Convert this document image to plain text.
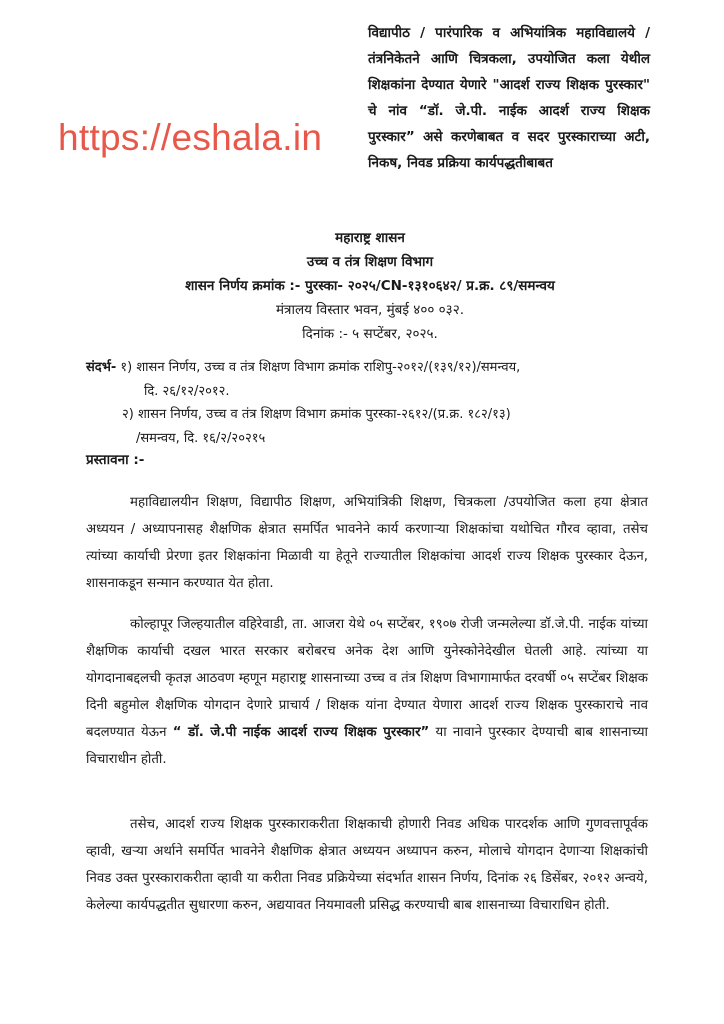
https://eshala.in
विद्यापीठ / पारंपारिक व अभियांत्रिक महाविद्यालये /तंत्रनिकेतने आणि चित्रकला, उपयोजित कला येथील शिक्षकांना देण्यात येणारे "आदर्श राज्य शिक्षक पुरस्कार" चे नांव “डॉ. जे.पी. नाईक आदर्श राज्य शिक्षक पुरस्कार” असे करणेबाबत व सदर पुरस्काराच्या अटी, निकष, निवड प्रक्रिया कार्यपद्धतीबाबत
महाराष्ट्र शासन
उच्च व तंत्र शिक्षण विभाग
शासन निर्णय क्रमांक :- पुरस्का- २०२५/CN-१३१०६४२/ प्र.क्र. ८९/समन्वय
मंत्रालय विस्तार भवन, मुंबई ४०० ०३२.
दिनांक :- ५ सप्टेंबर, २०२५.
संदर्भ- १) शासन निर्णय, उच्च व तंत्र शिक्षण विभाग क्रमांक राशिपु-२०१२/(१३९/१२)/समन्वय,
दि. २६/१२/२०१२.
२) शासन निर्णय, उच्च व तंत्र शिक्षण विभाग क्रमांक पुरस्का-२६१२/(प्र.क्र. १८२/१३)
/समन्वय, दि. १६/२/२०२१५
प्रस्तावना :-
महाविद्यालयीन शिक्षण, विद्यापीठ शिक्षण, अभियांत्रिकी शिक्षण, चित्रकला /उपयोजित कला हया क्षेत्रात अध्ययन / अध्यापनासह शैक्षणिक क्षेत्रात समर्पित भावनेने कार्य करणाऱ्या शिक्षकांचा यथोचित गौरव व्हावा, तसेच त्यांच्या कार्याची प्रेरणा इतर शिक्षकांना मिळावी या हेतूने राज्यातील शिक्षकांचा आदर्श राज्य शिक्षक पुरस्कार देऊन, शासनाकडून सन्मान करण्यात येत होता.
कोल्हापूर जिल्हयातील वहिरेवाडी, ता. आजरा येथे ०५ सप्टेंबर, १९०७ रोजी जन्मलेल्या डॉ.जे.पी. नाईक यांच्या शैक्षणिक कार्याची दखल भारत सरकार बरोबरच अनेक देश आणि युनेस्कोनेदेखील घेतली आहे. त्यांच्या या योगदानाबद्दलची कृतज्ञ आठवण म्हणून महाराष्ट्र शासनाच्या उच्च व तंत्र शिक्षण विभागामार्फत दरवर्षी ०५ सप्टेंबर शिक्षक दिनी बहुमोल शैक्षणिक योगदान देणारे प्राचार्य / शिक्षक यांना देण्यात येणारा आदर्श राज्य शिक्षक पुरस्काराचे नाव बदलण्यात येऊन “ डॉ. जे.पी नाईक आदर्श राज्य शिक्षक पुरस्कार” या नावाने पुरस्कार देण्याची बाब शासनाच्या विचाराधीन होती.
तसेच, आदर्श राज्य शिक्षक पुरस्काराकरीता शिक्षकाची होणारी निवड अधिक पारदर्शक आणि गुणवत्तापूर्वक व्हावी, खऱ्या अर्थाने समर्पित भावनेने शैक्षणिक क्षेत्रात अध्ययन अध्यापन करुन, मोलाचे योगदान देणाऱ्या शिक्षकांची निवड उक्त पुरस्काराकरीता व्हावी या करीता निवड प्रक्रियेच्या संदर्भात शासन निर्णय, दिनांक २६ डिसेंबर, २०१२ अन्वये, केलेल्या कार्यपद्धतीत सुधारणा करुन, अद्ययावत नियमावली प्रसिद्ध करण्याची बाब शासनाच्या विचाराधिन होती.
